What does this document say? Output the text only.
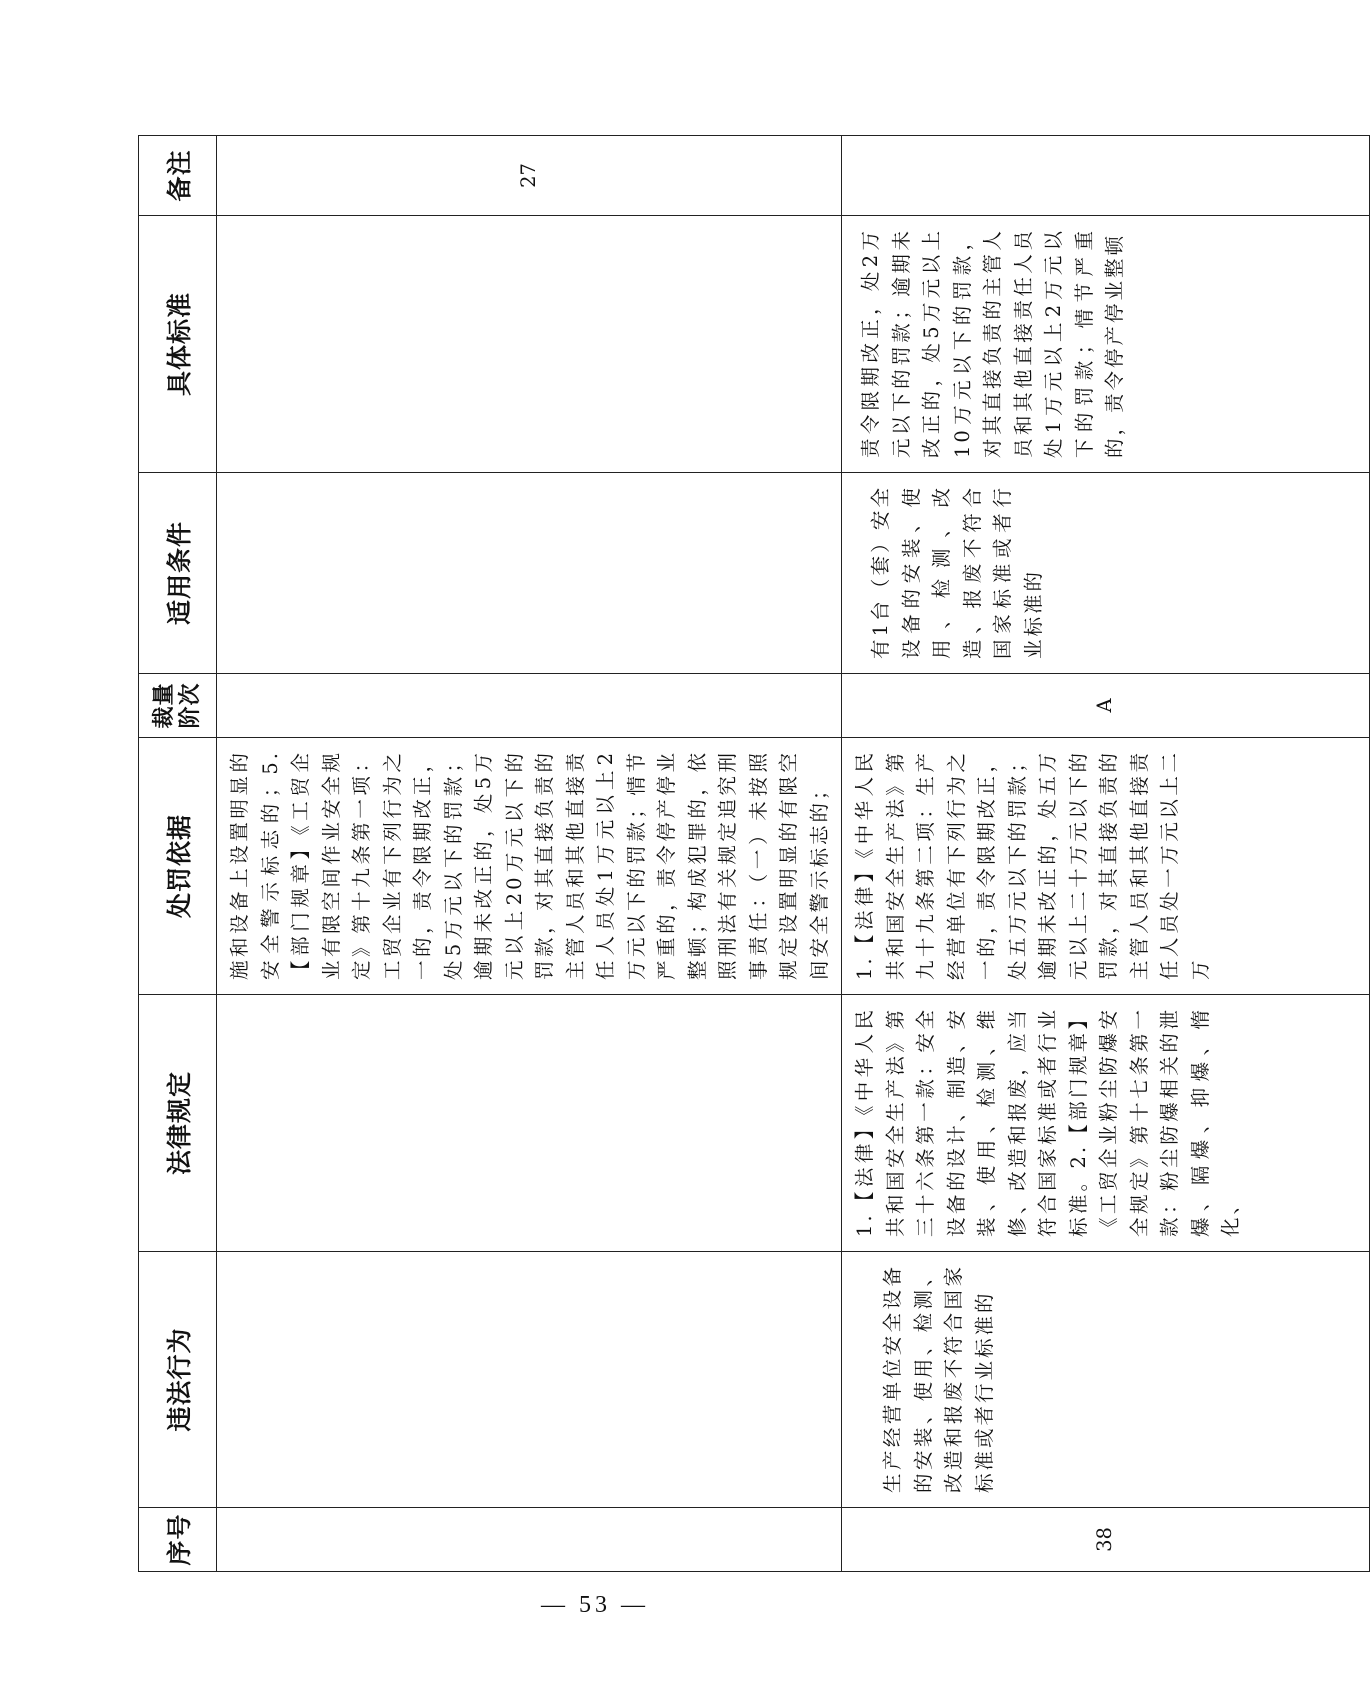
序号	违法行为	法律规定	处罚依据	裁量阶次	适用条件	具体标准	备注

			施和设备上设置明显的安全警示标志的；5.【部门规章】《工贸企业有限空间作业安全规定》第十九条第一项：工贸企业有下列行为之一的，责令限期改正，处5万元以下的罚款；逾期未改正的，处5万元以上20万元以下的罚款，对其直接负责的主管人员和其他直接责任人员处1万元以上2万元以下的罚款；情节严重的，责令停产停业整顿；构成犯罪的，依照刑法有关规定追究刑事责任：（一）未按照规定设置明显的有限空间安全警示标志的；				27
38	生产经营单位安全设备的安装、使用、检测、改造和报废不符合国家标准或者行业标准的	1.【法律】《中华人民共和国安全生产法》第三十六条第一款：安全设备的设计、制造、安装、使用、检测、维修、改造和报废，应当符合国家标准或者行业标准。2.【部门规章】《工贸企业粉尘防爆安全规定》第十七条第一款：粉尘防爆相关的泄爆、隔爆、抑爆、惰化、	1.【法律】《中华人民共和国安全生产法》第九十九条第二项：生产经营单位有下列行为之一的，责令限期改正，处五万元以下的罚款；逾期未改正的，处五万元以上二十万元以下的罚款，对其直接负责的主管人员和其他直接责任人员处一万元以上二万	A	有1台（套）安全设备的安装、使用、检测、改造、报废不符合国家标准或者行业标准的	责令限期改正，处2万元以下的罚款；逾期未改正的，处5万元以上10万元以下的罚款，对其直接负责的主管人员和其他直接责任人员处1万元以上2万元以下的罚款；情节严重的，责令停产停业整顿	

— 53 —
